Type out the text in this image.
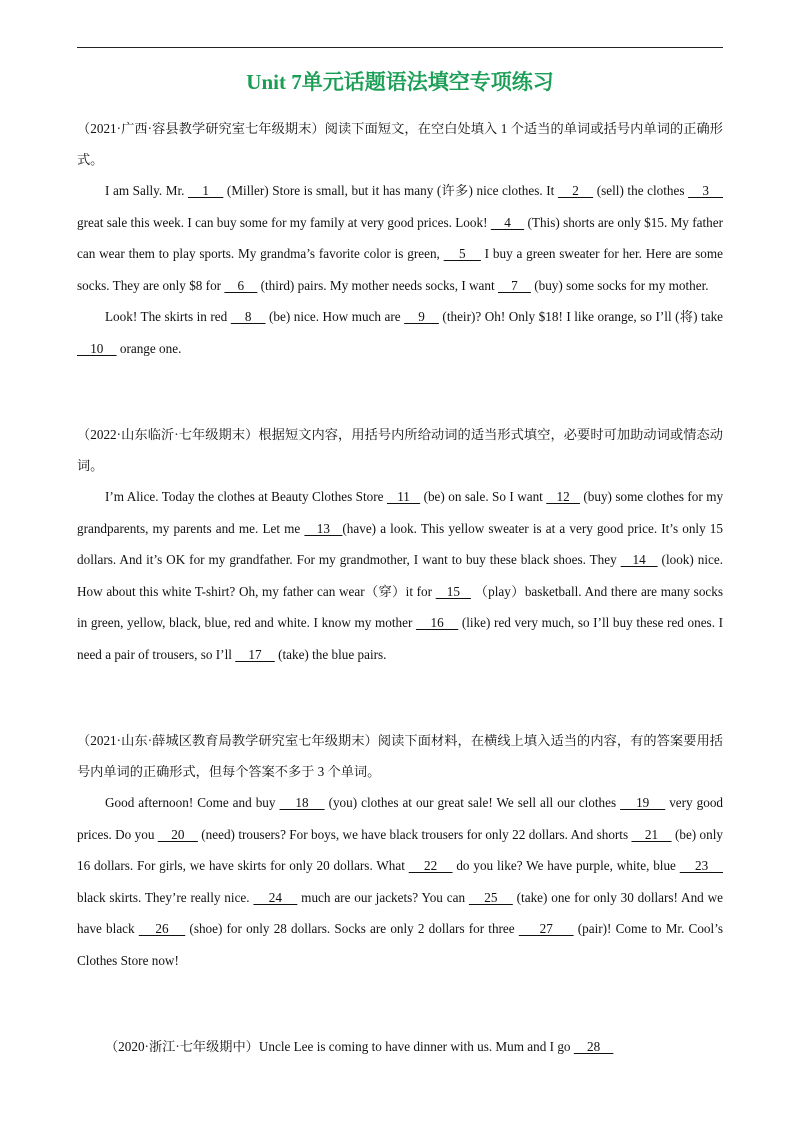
Unit 7单元话题语法填空专项练习

（2021·广西·容县教学研究室七年级期末）阅读下面短文，在空白处填入 1 个适当的单词或括号内单词的正确形式。

I am Sally. Mr.     1     (Miller) Store is small, but it has many (许多) nice clothes. It     2     (sell) the clothes     3     great sale this week. I can buy some for my family at very good prices. Look!     4     (This) shorts are only $15. My father can wear them to play sports. My grandma’s favorite color is green,     5     I buy a green sweater for her. Here are some socks. They are only $8 for     6     (third) pairs. My mother needs socks, I want     7     (buy) some socks for my mother.

Look! The skirts in red     8     (be) nice. How much are     9     (their)? Oh! Only $18! I like orange, so I’ll (将) take     10     orange one.

（2022·山东临沂·七年级期末）根据短文内容，用括号内所给动词的适当形式填空，必要时可加助动词或情态动词。

I’m Alice. Today the clothes at Beauty Clothes Store    11    (be) on sale. So I want    12    (buy) some clothes for my grandparents, my parents and me. Let me    13   (have) a look. This yellow sweater is at a very good price. It’s only 15 dollars. And it’s OK for my grandfather. For my grandmother, I want to buy these black shoes. They    14    (look) nice. How about this white T-shirt? Oh, my father can wear（穿）it for    15    （play）basketball. And there are many socks in green, yellow, black, blue, red and white. I know my mother     16     (like) red very much, so I’ll buy these red ones. I need a pair of trousers, so I’ll     17     (take) the blue pairs.

（2021·山东·薛城区教育局教学研究室七年级期末）阅读下面材料，在横线上填入适当的内容，有的答案要用括号内单词的正确形式，但每个答案不多于 3 个单词。

Good afternoon! Come and buy     18     (you) clothes at our great sale! We sell all our clothes     19     very good prices. Do you     20     (need) trousers? For boys, we have black trousers for only 22 dollars. And shorts     21     (be) only 16 dollars. For girls, we have skirts for only 20 dollars. What     22     do you like? We have purple, white, blue     23     black skirts. They’re really nice.     24     much are our jackets? You can     25     (take) one for only 30 dollars! And we have black     26     (shoe) for only 28 dollars. Socks are only 2 dollars for three      27      (pair)! Come to Mr. Cool’s Clothes Store now!

（2020·浙江·七年级期中）Uncle Lee is coming to have dinner with us. Mum and I go     28
